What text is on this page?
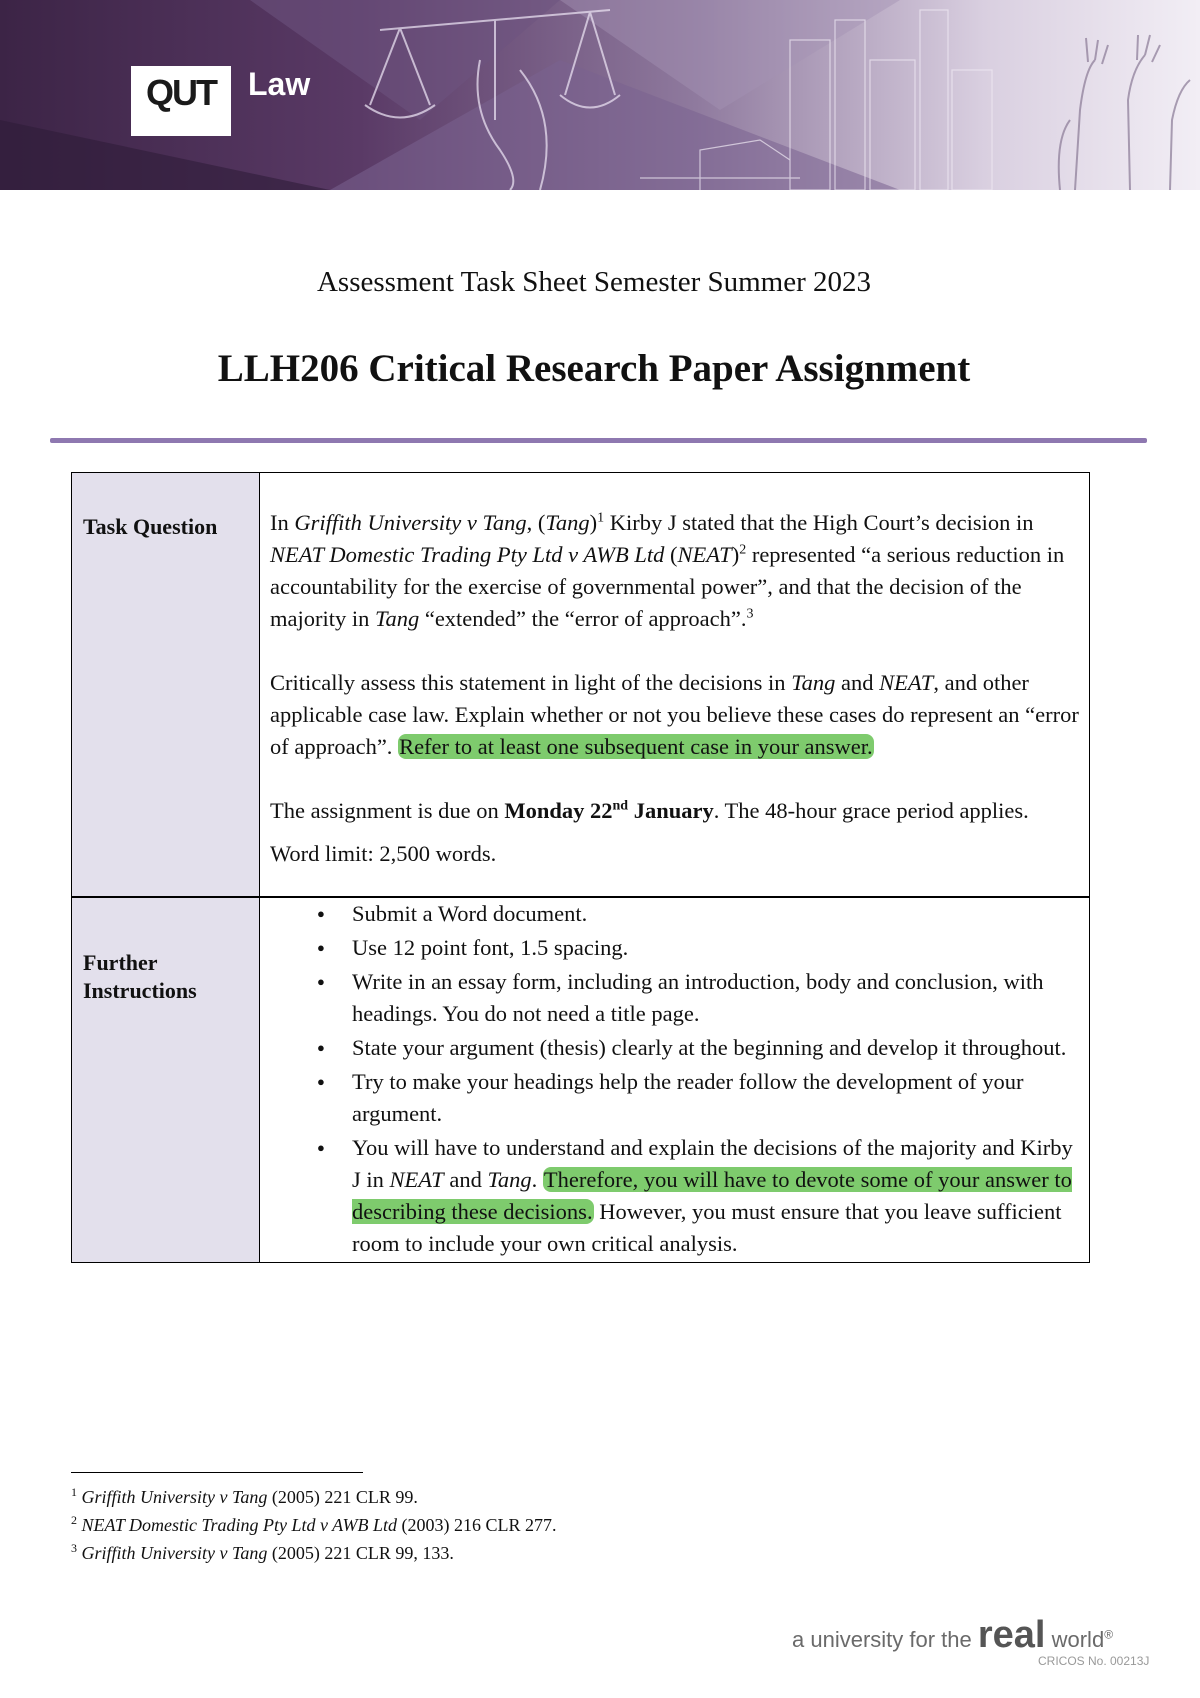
QUT Law
Assessment Task Sheet Semester Summer 2023
LLH206 Critical Research Paper Assignment
Task Question	In Griffith University v Tang, (Tang)$^1$ Kirby J stated that the High Court’s decision in NEAT Domestic Trading Pty Ltd v AWB Ltd (NEAT)$^2$ represented “a serious reduction in accountability for the exercise of governmental power”, and that the decision of the majority in Tang “extended” the “error of approach”.$^3$

Critically assess this statement in light of the decisions in Tang and NEAT, and other applicable case law. Explain whether or not you believe these cases do represent an “error of approach”. Refer to at least one subsequent case in your answer.

The assignment is due on Monday 22nd January. The 48-hour grace period applies.

Word limit: 2,500 words.

Further Instructions
● Submit a Word document.
● Use 12 point font, 1.5 spacing.
● Write in an essay form, including an introduction, body and conclusion, with headings. You do not need a title page.
● State your argument (thesis) clearly at the beginning and develop it throughout.
● Try to make your headings help the reader follow the development of your argument.
● You will have to understand and explain the decisions of the majority and Kirby J in NEAT and Tang. Therefore, you will have to devote some of your answer to describing these decisions. However, you must ensure that you leave sufficient room to include your own critical analysis.
$^1$ Griffith University v Tang (2005) 221 CLR 99.
$^2$ NEAT Domestic Trading Pty Ltd v AWB Ltd (2003) 216 CLR 277.
$^3$ Griffith University v Tang (2005) 221 CLR 99, 133.
a university for the real world®
CRICOS No. 00213J
